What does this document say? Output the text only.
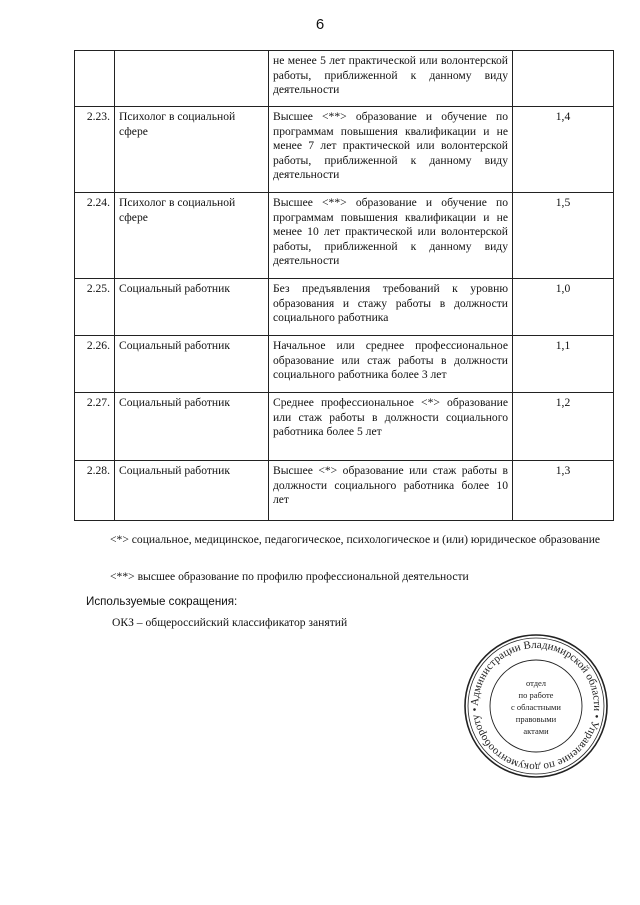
6
		не менее 5 лет практической или волонтерской работы, приближенной к данному виду деятельности	
2.23.	Психолог в социальной сфере	Высшее <**> образование и обучение по программам повышения квалификации и не менее 7 лет практической или волонтерской работы, приближенной к данному виду деятельности	1,4
2.24.	Психолог в социальной сфере	Высшее <**> образование и обучение по программам повышения квалификации и не менее 10 лет практической или волонтерской работы, приближенной к данному виду деятельности	1,5
2.25.	Социальный работник	Без предъявления требований к уровню образования и стажу работы в должности социального работника	1,0
2.26.	Социальный работник	Начальное или среднее профессиональное образование или стаж работы в должности социального работника более 3 лет	1,1
2.27.	Социальный работник	Среднее профессиональное <*> образование или стаж работы в должности социального работника более 5 лет	1,2
2.28.	Социальный работник	Высшее <*> образование или стаж работы в должности социального работника более 10 лет	1,3
<*> социальное, медицинское, педагогическое, психологическое и (или) юридическое образование
<**> высшее образование по профилю профессиональной деятельности
Используемые сокращения:
ОКЗ – общероссийский классификатор занятий
Администрации Владимирской области • Управление по документообороту •
отдел
по работе
с областными
правовыми
актами
